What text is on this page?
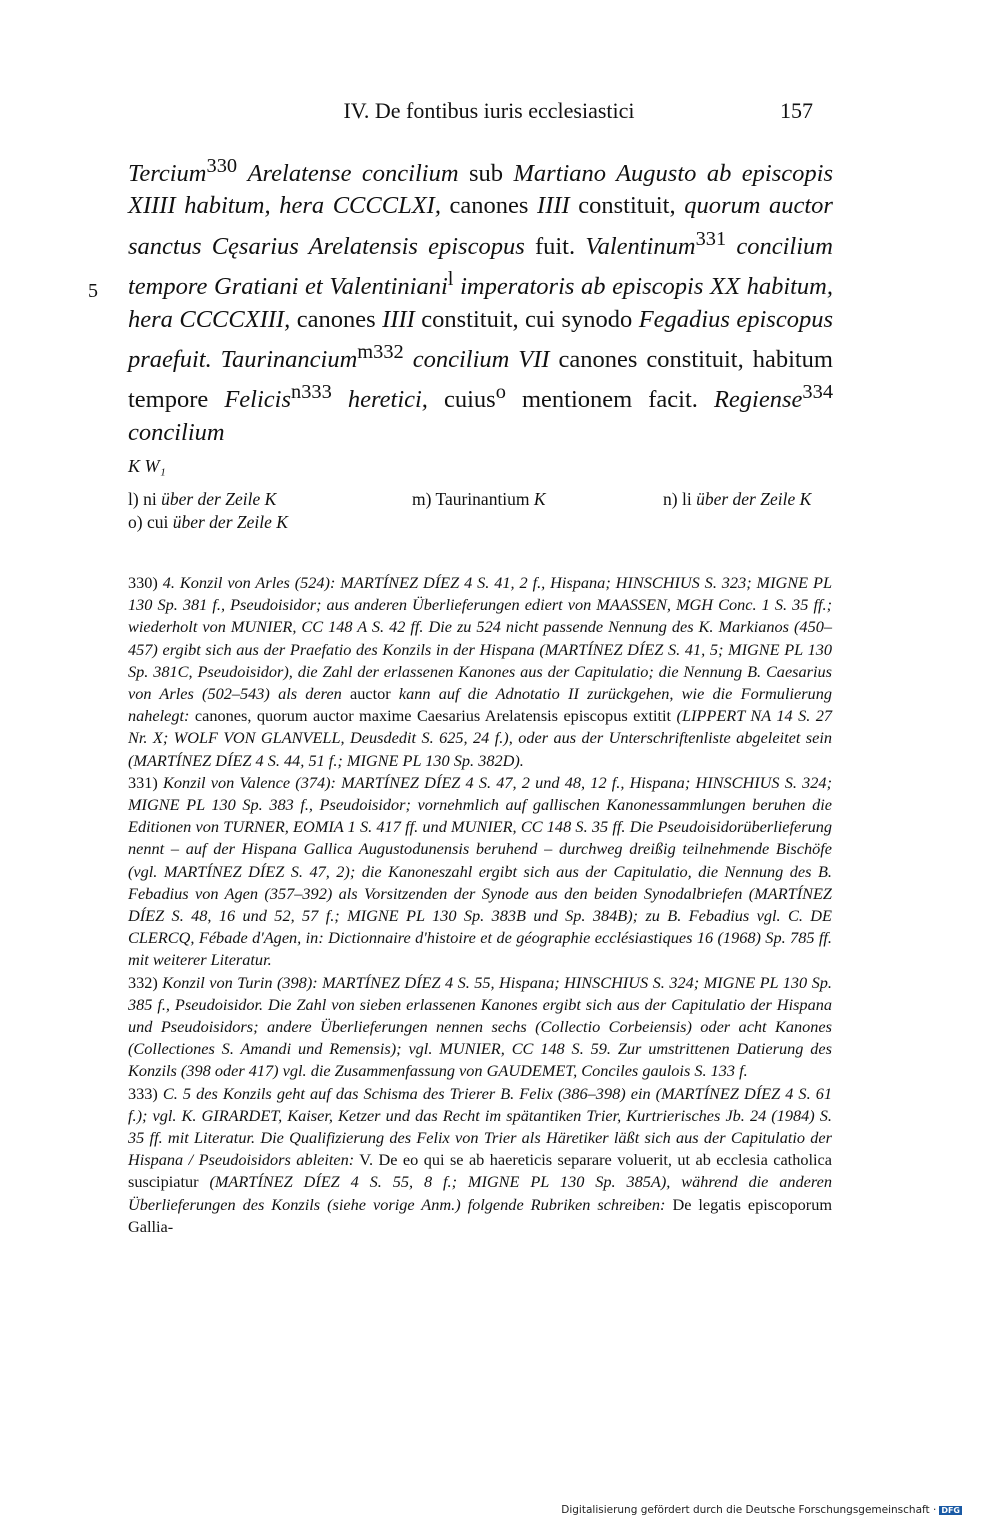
IV. De fontibus iuris ecclesiastici	157

Tercium$^{330}$ Arelatense concilium sub Martiano Augusto ab episcopis XIIII habitum, hera CCCCLXI, canones IIII constituit, quorum auctor sanctus Cęsarius Arelatensis episcopus fuit. Valentinum$^{331}$ concilium tempore Gratiani et Valentiniani$^l$ imperatoris ab episcopis XX habitum, hera CCCCXIII, canones IIII constituit, cui synodo Fegadius episcopus praefuit. Taurinancium$^{m332}$ concilium VII canones constituit, habitum tempore Felicis$^{n333}$ heretici, cuius$^o$ mentionem facit. Regiense$^{334}$ concilium

5
K W₁
l) ni über der Zeile K	m) Taurinantium K	n) li über der Zeile K
o) cui über der Zeile K

330) 4. Konzil von Arles (524): MARTÍNEZ DÍEZ 4 S. 41, 2 f., Hispana; HINSCHIUS S. 323; MIGNE PL 130 Sp. 381 f., Pseudoisidor; aus anderen Überlieferungen ediert von MAASSEN, MGH Conc. 1 S. 35 ff.; wiederholt von MUNIER, CC 148 A S. 42 ff. Die zu 524 nicht passende Nennung des K. Markianos (450–457) ergibt sich aus der Praefatio des Konzils in der Hispana (MARTÍNEZ DÍEZ S. 41, 5; MIGNE PL 130 Sp. 381C, Pseudoisidor), die Zahl der erlassenen Kanones aus der Capitulatio; die Nennung B. Caesarius von Arles (502–543) als deren auctor kann auf die Adnotatio II zurückgehen, wie die Formulierung nahelegt: canones, quorum auctor maxime Caesarius Arelatensis episcopus extitit (LIPPERT NA 14 S. 27 Nr. X; WOLF VON GLANVELL, Deusdedit S. 625, 24 f.), oder aus der Unterschriftenliste abgeleitet sein (MARTÍNEZ DÍEZ 4 S. 44, 51 f.; MIGNE PL 130 Sp. 382D).

331) Konzil von Valence (374): MARTÍNEZ DÍEZ 4 S. 47, 2 und 48, 12 f., Hispana; HINSCHIUS S. 324; MIGNE PL 130 Sp. 383 f., Pseudoisidor; vornehmlich auf gallischen Kanonessammlungen beruhen die Editionen von TURNER, EOMIA 1 S. 417 ff. und MUNIER, CC 148 S. 35 ff. Die Pseudoisidorüberlieferung nennt – auf der Hispana Gallica Augustodunensis beruhend – durchweg dreißig teilnehmende Bischöfe (vgl. MARTÍNEZ DÍEZ S. 47, 2); die Kanoneszahl ergibt sich aus der Capitulatio, die Nennung des B. Febadius von Agen (357–392) als Vorsitzenden der Synode aus den beiden Synodalbriefen (MARTÍNEZ DÍEZ S. 48, 16 und 52, 57 f.; MIGNE PL 130 Sp. 383B und Sp. 384B); zu B. Febadius vgl. C. DE CLERCQ, Fébade d'Agen, in: Dictionnaire d'histoire et de géographie ecclésiastiques 16 (1968) Sp. 785 ff. mit weiterer Literatur.

332) Konzil von Turin (398): MARTÍNEZ DÍEZ 4 S. 55, Hispana; HINSCHIUS S. 324; MIGNE PL 130 Sp. 385 f., Pseudoisidor. Die Zahl von sieben erlassenen Kanones ergibt sich aus der Capitulatio der Hispana und Pseudoisidors; andere Überlieferungen nennen sechs (Collectio Corbeiensis) oder acht Kanones (Collectiones S. Amandi und Remensis); vgl. MUNIER, CC 148 S. 59. Zur umstrittenen Datierung des Konzils (398 oder 417) vgl. die Zusammenfassung von GAUDEMET, Conciles gaulois S. 133 f.

333) C. 5 des Konzils geht auf das Schisma des Trierer B. Felix (386–398) ein (MARTÍNEZ DÍEZ 4 S. 61 f.); vgl. K. GIRARDET, Kaiser, Ketzer und das Recht im spätantiken Trier, Kurtrierisches Jb. 24 (1984) S. 35 ff. mit Literatur. Die Qualifizierung des Felix von Trier als Häretiker läßt sich aus der Capitulatio der Hispana / Pseudoisidors ableiten: V. De eo qui se ab haereticis separare voluerit, ut ab ecclesia catholica suscipiatur (MARTÍNEZ DÍEZ 4 S. 55, 8 f.; MIGNE PL 130 Sp. 385A), während die anderen Überlieferungen des Konzils (siehe vorige Anm.) folgende Rubriken schreiben: De legatis episcoporum Gallia-

Digitalisierung gefördert durch die Deutsche Forschungsgemeinschaft · DFG
